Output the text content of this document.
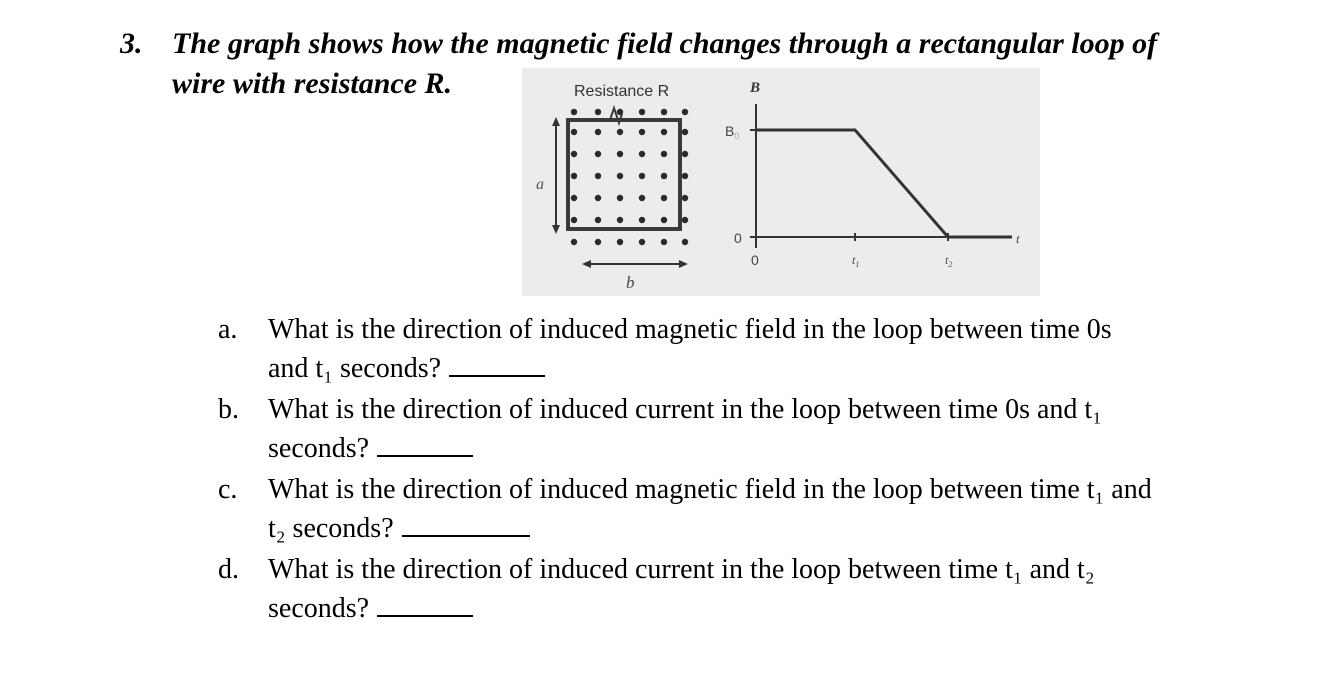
3. The graph shows how the magnetic field changes through a rectangular loop of
wire with resistance R.	Resistance R
a
b
B
$B_0$
0
0	$t_1$	$t_2$
t
a. What is the direction of induced magnetic field in the loop between time 0s
and t₁ seconds?
b. What is the direction of induced current in the loop between time 0s and t₁
seconds?
c. What is the direction of induced magnetic field in the loop between time t₁ and
t₂ seconds?
d. What is the direction of induced current in the loop between time t₁ and t₂
seconds?
